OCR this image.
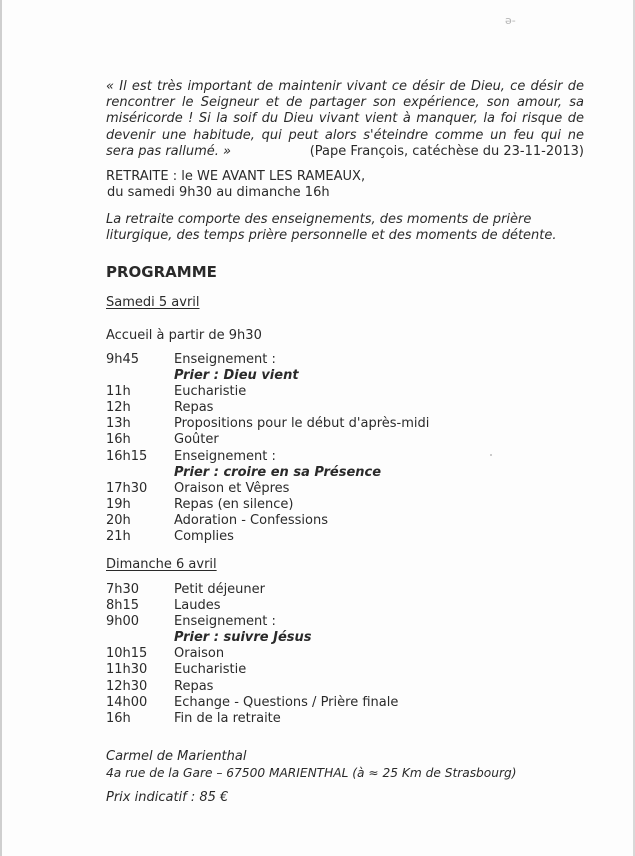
ǝ-
« Il est très important de maintenir vivant ce désir de Dieu, ce désir de rencontrer le Seigneur et de partager son expérience, son amour, sa miséricorde ! Si la soif du Dieu vivant vient à manquer, la foi risque de devenir une habitude, qui peut alors s'éteindre comme un feu qui ne sera pas rallumé. »	(Pape François, catéchèse du 23-11-2013)
RETRAITE : le WE AVANT LES RAMEAUX,
du samedi 9h30 au dimanche 16h
La retraite comporte des enseignements, des moments de prière liturgique, des temps prière personnelle et des moments de détente.
PROGRAMME
Samedi 5 avril
Accueil à partir de 9h30
9h45	Enseignement :
Prier : Dieu vient
11h	Eucharistie
12h	Repas
13h	Propositions pour le début d'après-midi
16h	Goûter
16h15 Enseignement :
Prier : croire en sa Présence
17h30 Oraison et Vêpres
19h	Repas (en silence)
20h	Adoration - Confessions
21h	Complies
Dimanche 6 avril
7h30	Petit déjeuner
8h15	Laudes
9h00	Enseignement :
Prier : suivre Jésus
10h15 Oraison
11h30 Eucharistie
12h30 Repas
14h00 Echange - Questions / Prière finale
16h	Fin de la retraite
Carmel de Marienthal
4a rue de la Gare – 67500 MARIENTHAL (à ≈ 25 Km de Strasbourg)
Prix indicatif : 85 €
